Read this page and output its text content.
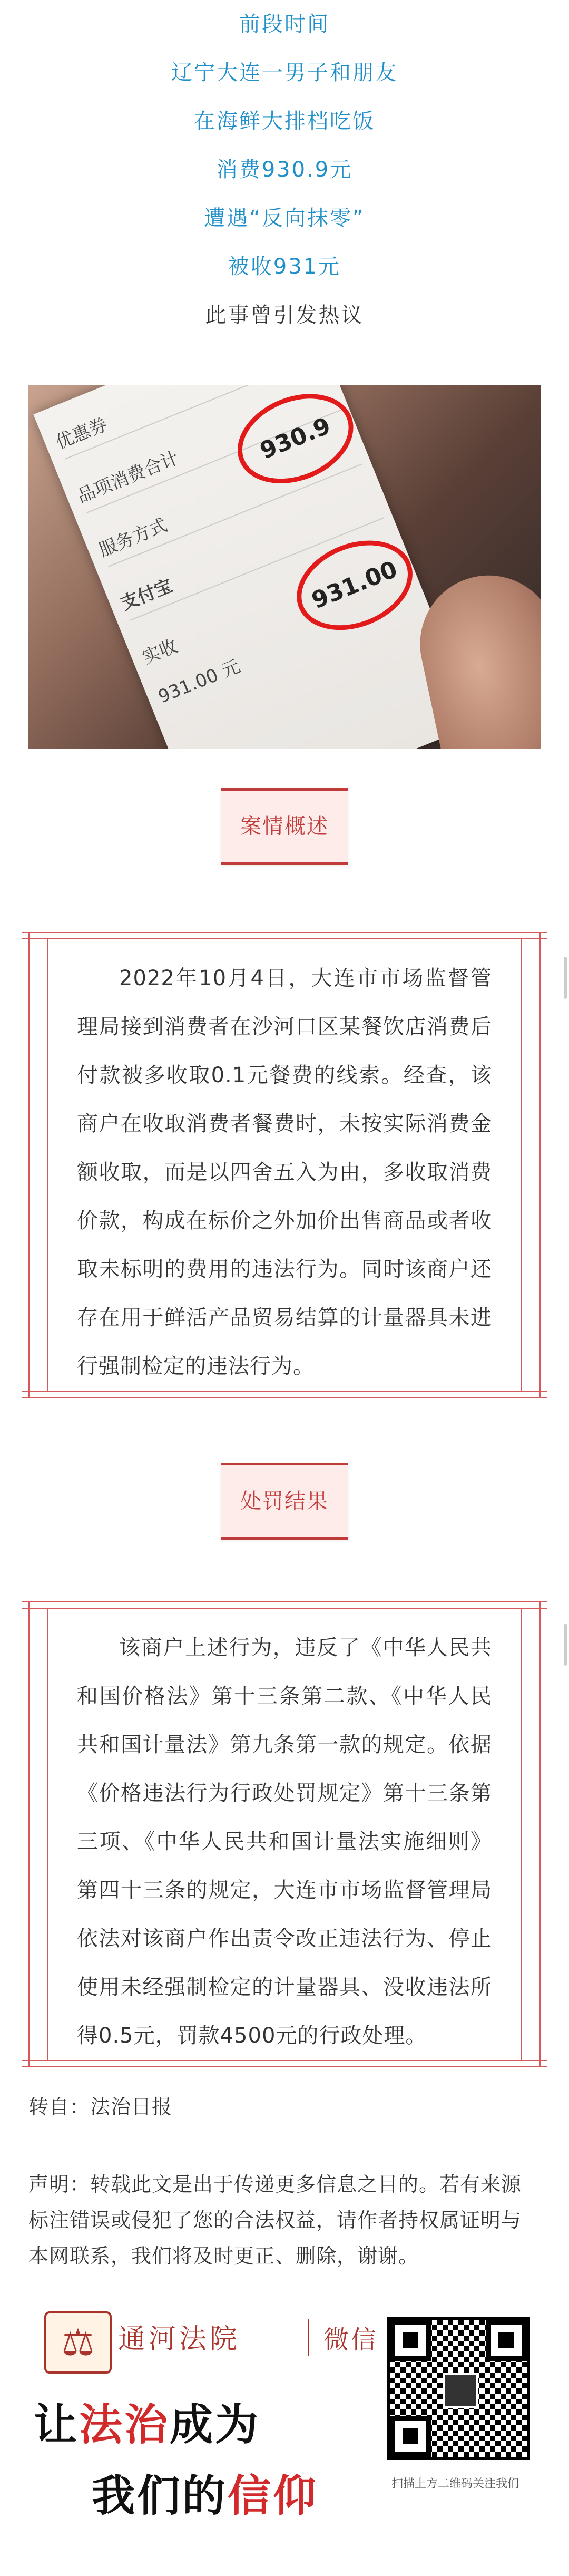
前段时间
辽宁大连一男子和朋友
在海鲜大排档吃饭
消费930.9元
遭遇“反向抹零”
被收931元
此事曾引发热议
优惠券
品项消费合计
服务方式
支付宝
实收
931.00 元
930.9
931.00
案情概述

2022年10月4日，大连市市场监督管理局接到消费者在沙河口区某餐饮店消费后付款被多收取0.1元餐费的线索。经查，该商户在收取消费者餐费时，未按实际消费金额收取，而是以四舍五入为由，多收取消费价款，构成在标价之外加价出售商品或者收取未标明的费用的违法行为。同时该商户还存在用于鲜活产品贸易结算的计量器具未进行强制检定的违法行为。

处罚结果

该商户上述行为，违反了《中华人民共和国价格法》第十三条第二款、《中华人民共和国计量法》第九条第一款的规定。依据《价格违法行为行政处罚规定》第十三条第三项、《中华人民共和国计量法实施细则》第四十三条的规定，大连市市场监督管理局依法对该商户作出责令改正违法行为、停止使用未经强制检定的计量器具、没收违法所得0.5元，罚款4500元的行政处理。

转自：法治日报
声明：转载此文是出于传递更多信息之目的。若有来源标注错误或侵犯了您的合法权益，请作者持权属证明与本网联系，我们将及时更正、删除，谢谢。
⚖ 通河法院	微信
让法治成为
我们的信仰	扫描上方二维码关注我们
